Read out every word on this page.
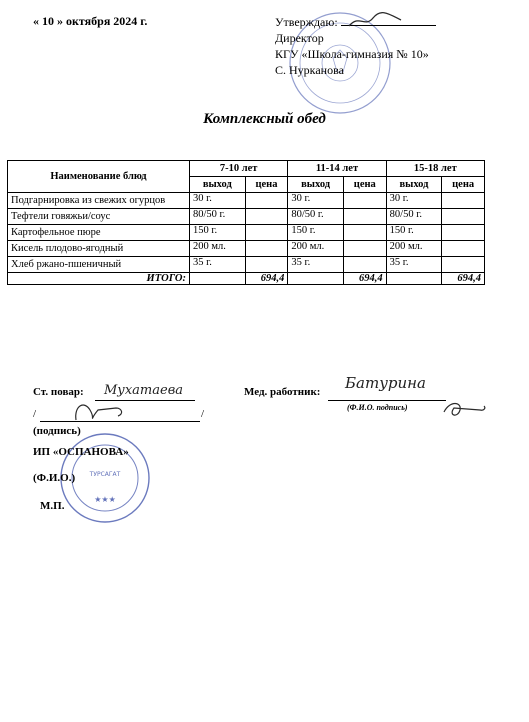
« 10 » октября 2024 г.	Утверждаю:
Директор
КГУ «Школа-гимназия № 10»
С. Нурканова
Комплексный обед
Наименование блюд	7-10 лет		11-14 лет		15-18 лет	
	выход	цена	выход	цена	выход	цена
Подгарнировка из свежих огурцов	30 г.		30 г.		30 г.	
Тефтели говяжьи/соус	80/50 г.		80/50 г.		80/50 г.	
Картофельное пюре	150 г.		150 г.		150 г.	
Кисель плодово-ягодный	200 мл.		200 мл.		200 мл.	
Хлеб ржано-пшеничный	35 г.		35 г.		35 г.	
ИТОГО:		694,4		694,4		694,4
Ст. повар: Мухатаева	Мед. работник: Батурина
(Ф.И.О. подпись)
/	/
(подпись)
ТУРСАГАТ
★★★
ИП «ОСПАНОВА»
(Ф.И.О.)
М.П.
